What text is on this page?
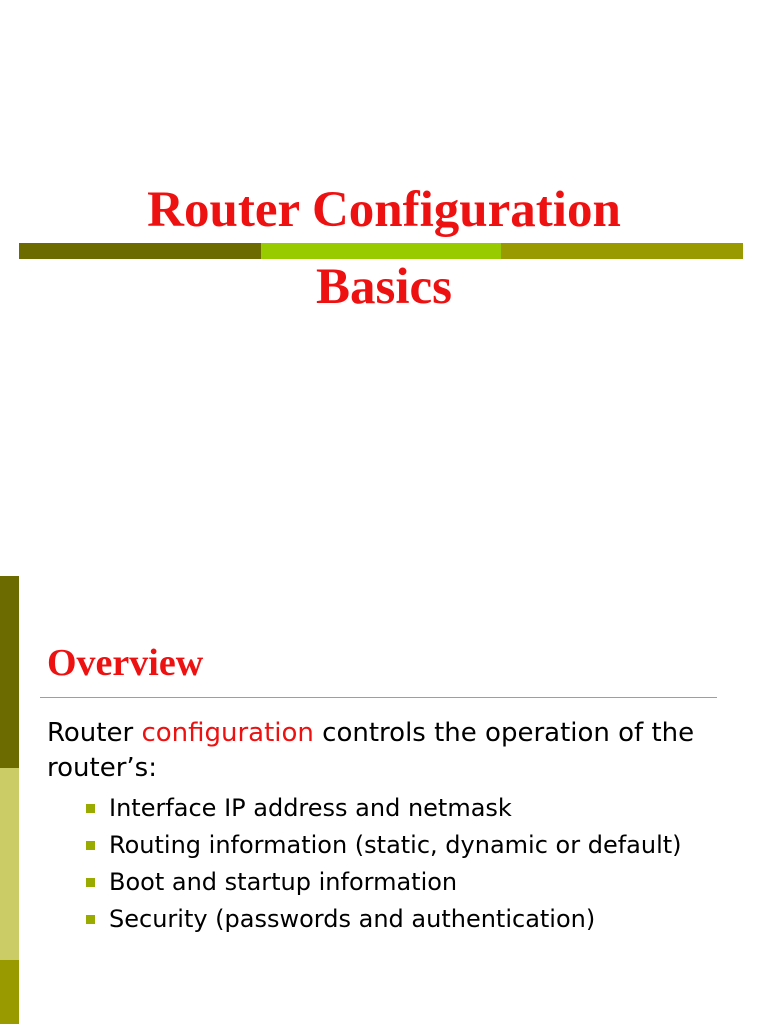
Router Configuration
Basics
Overview
Router configuration controls the operation of the router’s:
Interface IP address and netmask
Routing information (static, dynamic or default)
Boot and startup information
Security (passwords and authentication)
